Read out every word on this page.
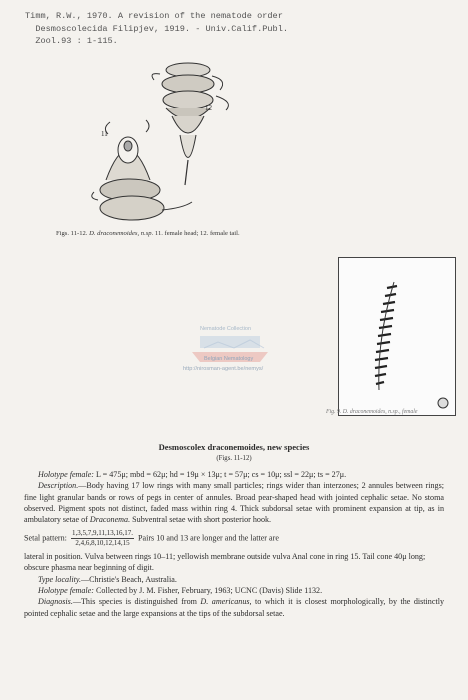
Timm, R.W., 1970. A revision of the nematode order
Desmoscolecida Filipjev, 1919. - Univ.Calif.Publ.
Zool.93 : 1-115.
12
11
Figs. 11-12. D. draconemoides, n.sp. 11. female head; 12. female tail.
Fig. 9. D. draconemoides, n.sp., female
Nematode Collection
Belgian Nematology
http://nirosman-agent.be/nemys/
Desmoscolex draconemoides, new species
(Figs. 11-12)

Holotype female: L = 475μ; mbd = 62μ; hd = 19μ × 13μ; t = 57μ; cs = 10μ; ssl = 22μ; ts = 27μ.

Description.—Body having 17 low rings with many small particles; rings wider than interzones; 2 annules between rings; fine light granular bands or rows of pegs in center of annules. Broad pear-shaped head with jointed cephalic setae. No stoma observed. Pigment spots not distinct, faded mass within ring 4. Thick subdorsal setae with prominent expansion at tip, as in ambulatory setae of Draconema. Subventral setae with short posterior hook.

Setal pattern: $\frac{1,3,5,7,9,11,13,16,17.}{2,4,6,8,10,12,14,15}$ Pairs 10 and 13 are longer and the latter are

lateral in position. Vulva between rings 10–11; yellowish membrane outside vulva Anal cone in ring 15. Tail cone 40μ long; obscure phasma near beginning of digit.

Type locality.—Christie's Beach, Australia.

Holotype female: Collected by J. M. Fisher, February, 1963; UCNC (Davis) Slide 1132.

Diagnosis.—This species is distinguished from D. americanus, to which it is closest morphologically, by the distinctly pointed cephalic setae and the large expansions at the tips of the subdorsal setae.
